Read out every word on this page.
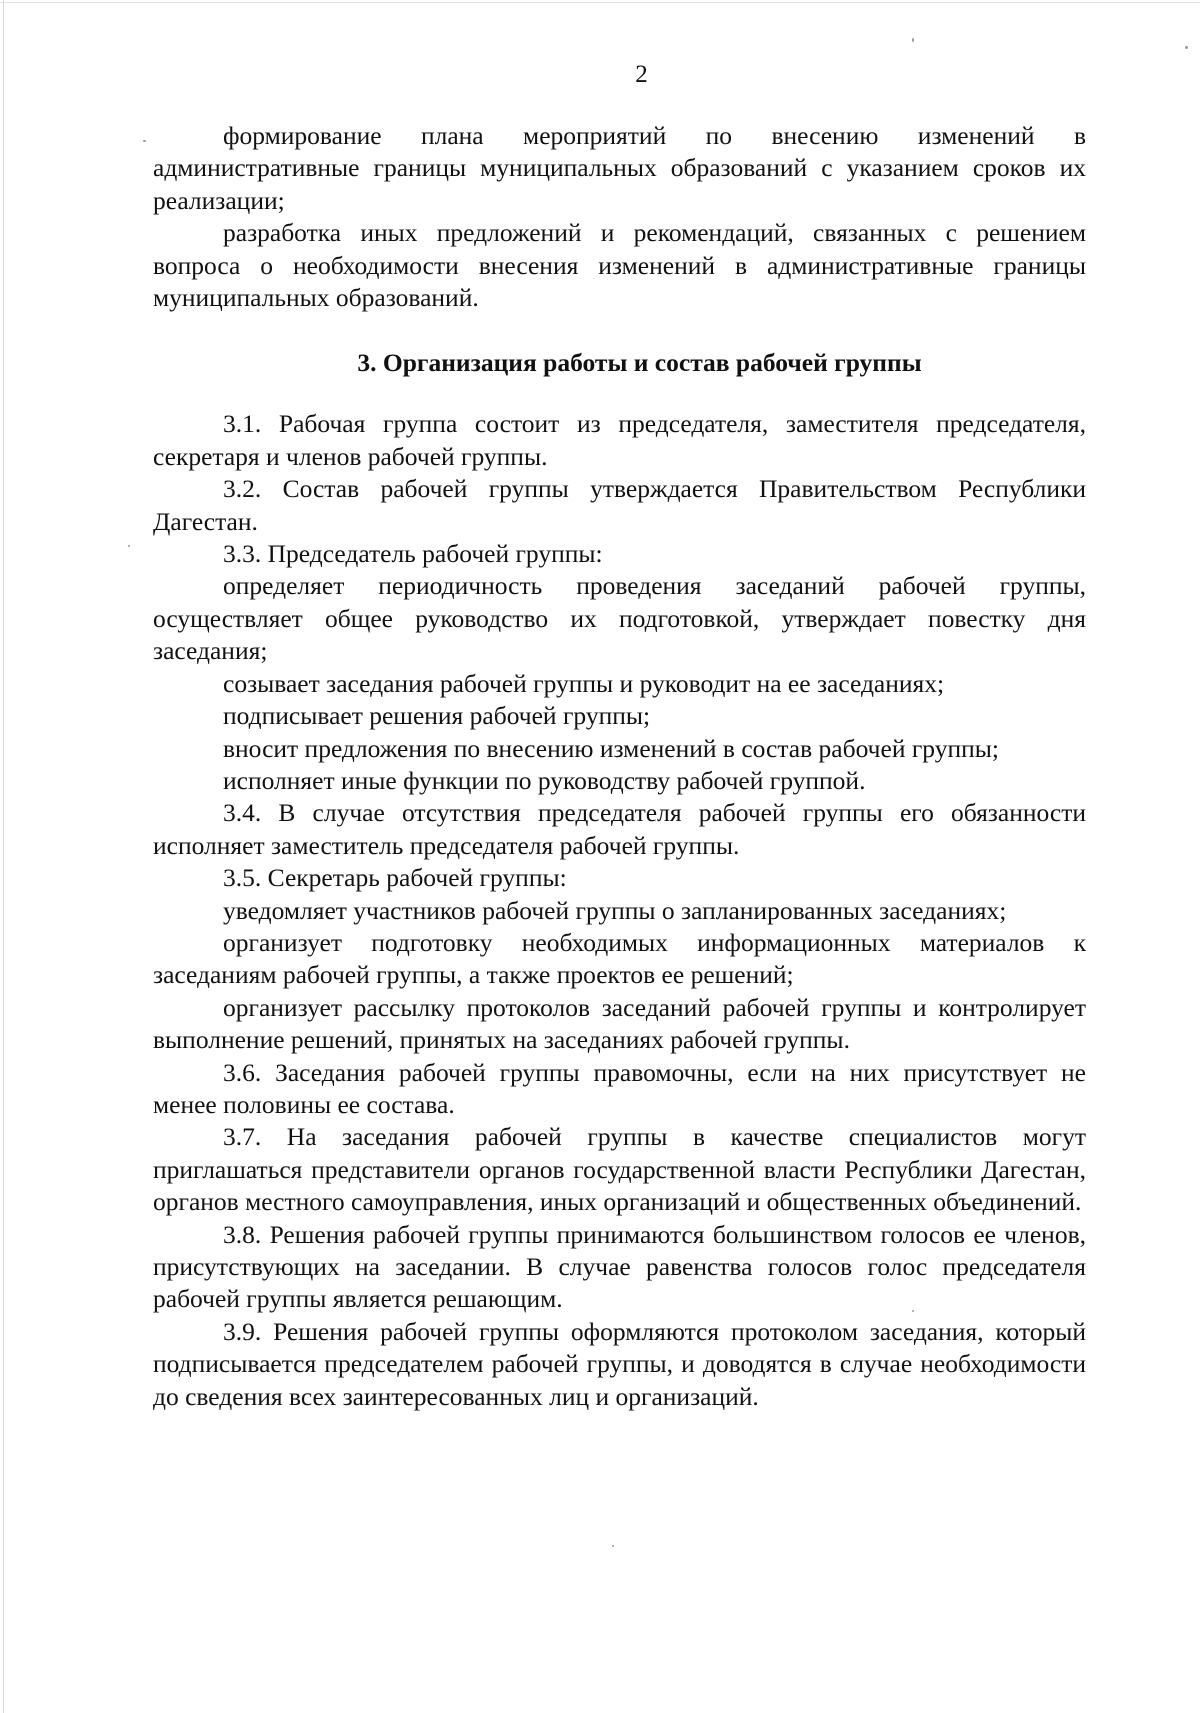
2

формирование плана мероприятий по внесению изменений в административные границы муниципальных образований с указанием сроков их реализации;

разработка иных предложений и рекомендаций, связанных с решением вопроса о необходимости внесения изменений в административные границы муниципальных образований.

3. Организация работы и состав рабочей группы

3.1. Рабочая группа состоит из председателя, заместителя председателя, секретаря и членов рабочей группы.

3.2. Состав рабочей группы утверждается Правительством Республики Дагестан.

3.3. Председатель рабочей группы:

определяет периодичность проведения заседаний рабочей группы, осуществляет общее руководство их подготовкой, утверждает повестку дня заседания;

созывает заседания рабочей группы и руководит на ее заседаниях;

подписывает решения рабочей группы;

вносит предложения по внесению изменений в состав рабочей группы;

исполняет иные функции по руководству рабочей группой.

3.4. В случае отсутствия председателя рабочей группы его обязанности исполняет заместитель председателя рабочей группы.

3.5. Секретарь рабочей группы:

уведомляет участников рабочей группы о запланированных заседаниях;

организует подготовку необходимых информационных материалов к заседаниям рабочей группы, а также проектов ее решений;

организует рассылку протоколов заседаний рабочей группы и контролирует выполнение решений, принятых на заседаниях рабочей группы.

3.6. Заседания рабочей группы правомочны, если на них присутствует не менее половины ее состава.

3.7. На заседания рабочей группы в качестве специалистов могут приглашаться представители органов государственной власти Республики Дагестан, органов местного самоуправления, иных организаций и общественных объединений.

3.8. Решения рабочей группы принимаются большинством голосов ее членов, присутствующих на заседании. В случае равенства голосов голос председателя рабочей группы является решающим.

3.9. Решения рабочей группы оформляются протоколом заседания, который подписывается председателем рабочей группы, и доводятся в случае необходимости до сведения всех заинтересованных лиц и организаций.
